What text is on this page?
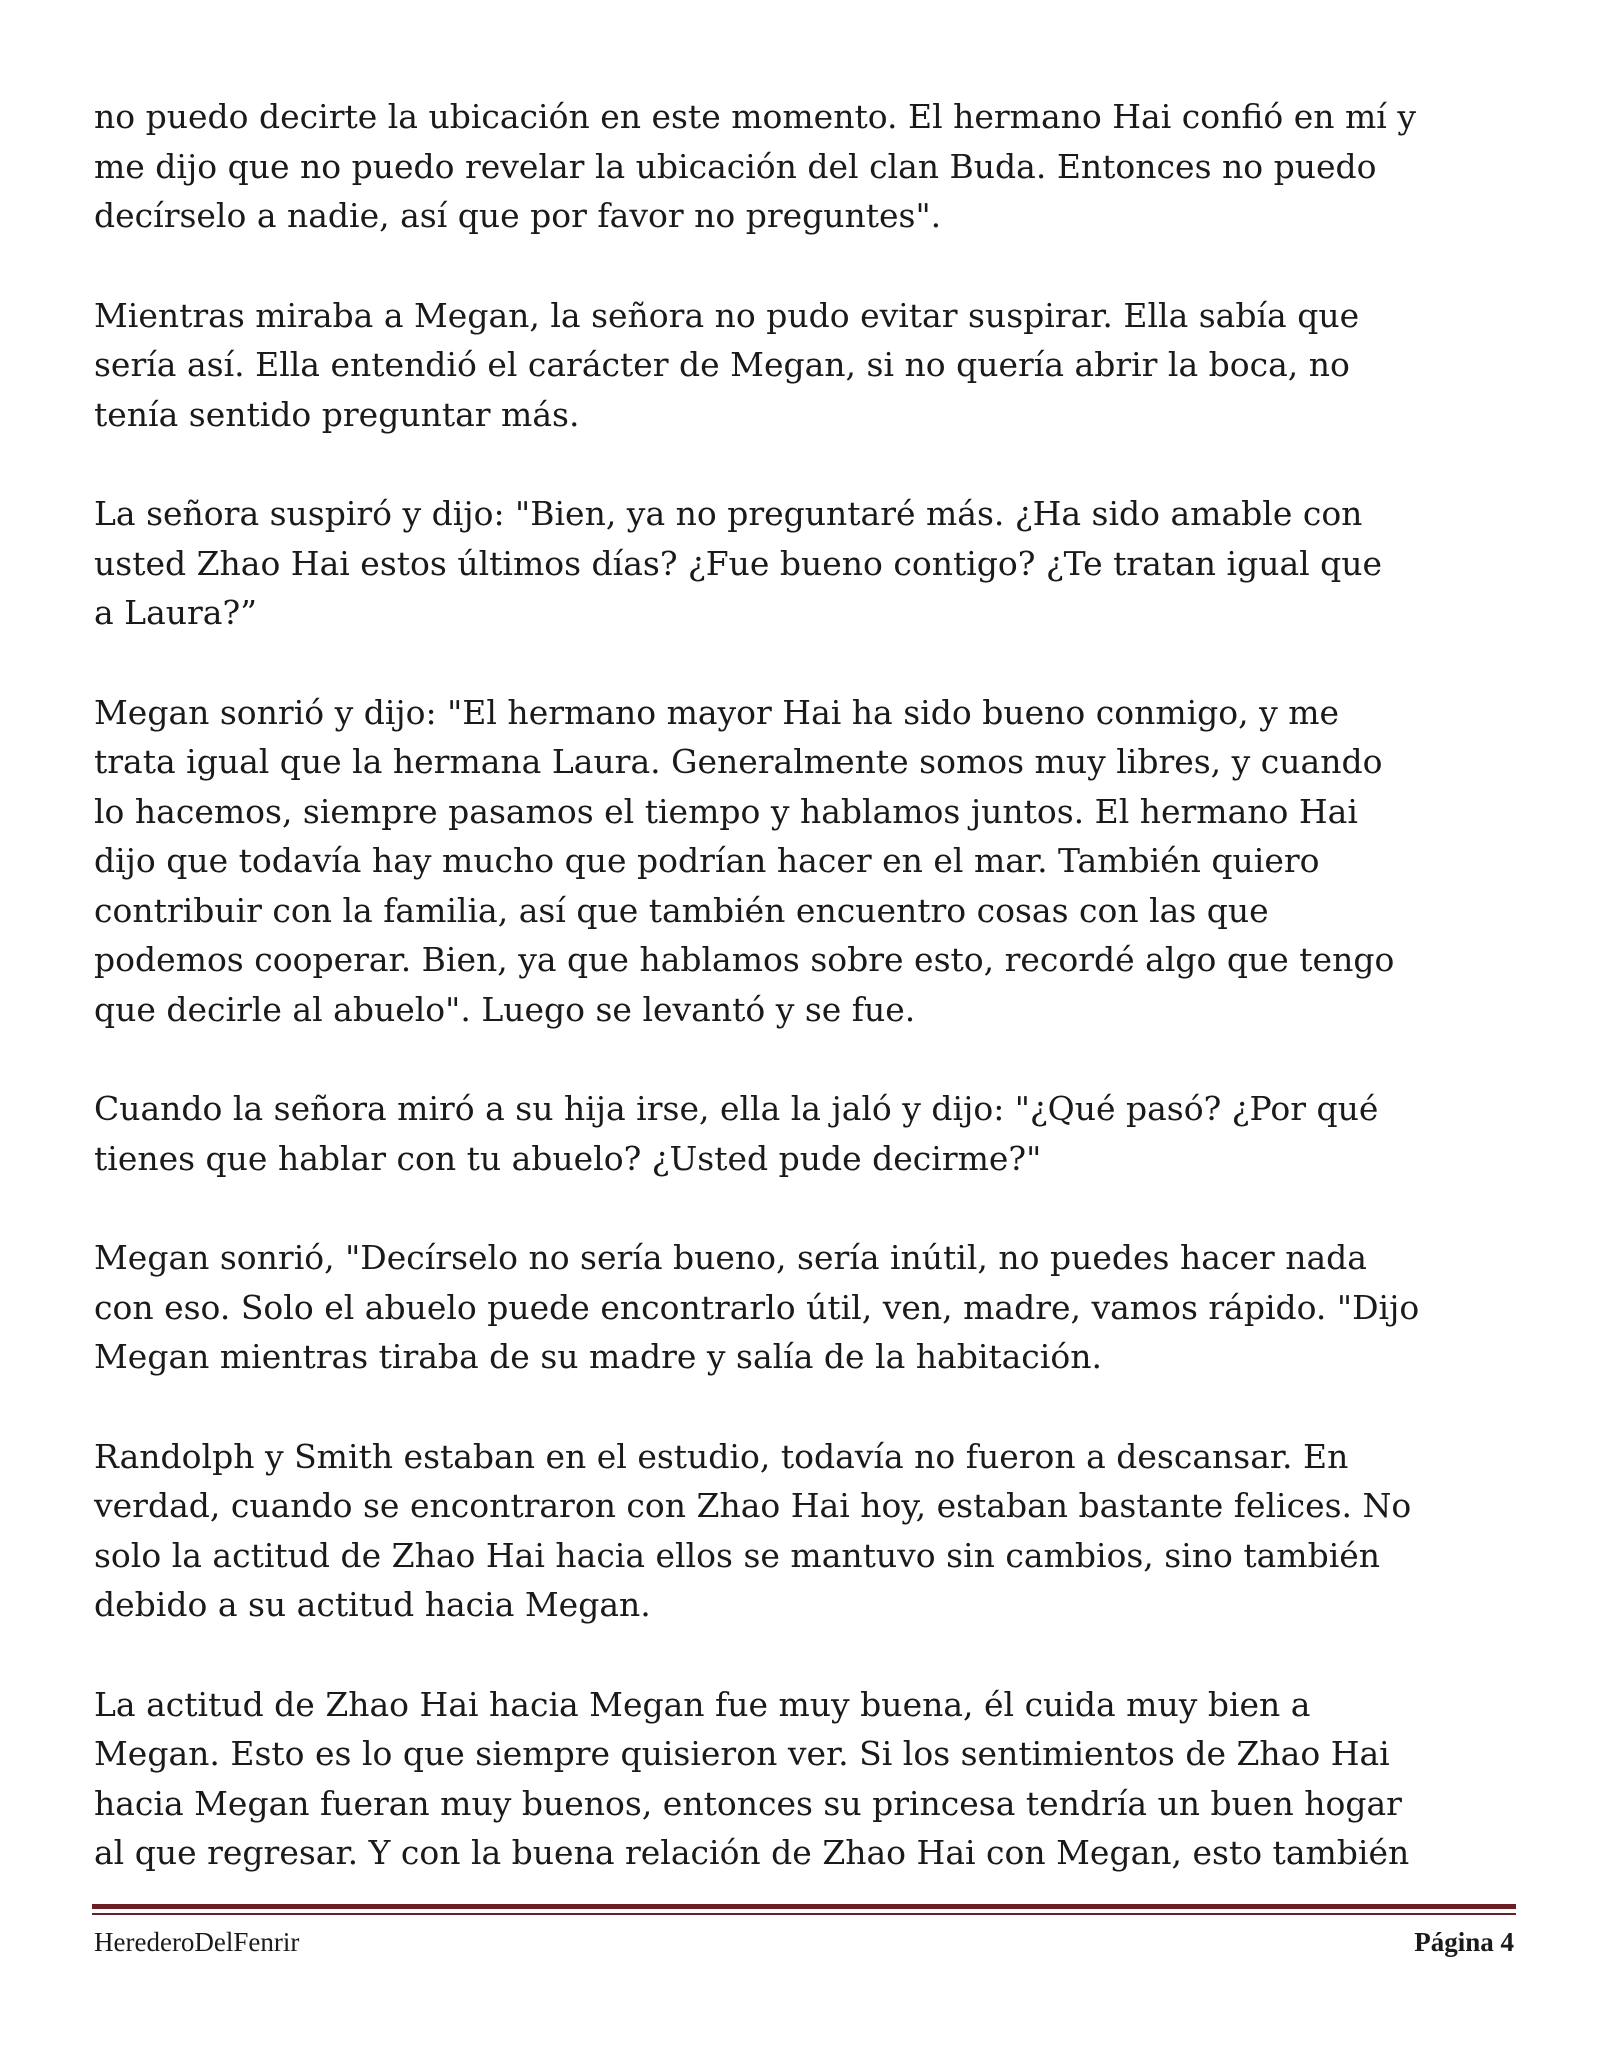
no puedo decirte la ubicación en este momento. El hermano Hai confió en mí y
me dijo que no puedo revelar la ubicación del clan Buda. Entonces no puedo
decírselo a nadie, así que por favor no preguntes".

Mientras miraba a Megan, la señora no pudo evitar suspirar. Ella sabía que
sería así. Ella entendió el carácter de Megan, si no quería abrir la boca, no
tenía sentido preguntar más.

La señora suspiró y dijo: "Bien, ya no preguntaré más. ¿Ha sido amable con
usted Zhao Hai estos últimos días? ¿Fue bueno contigo? ¿Te tratan igual que
a Laura?”

Megan sonrió y dijo: "El hermano mayor Hai ha sido bueno conmigo, y me
trata igual que la hermana Laura. Generalmente somos muy libres, y cuando
lo hacemos, siempre pasamos el tiempo y hablamos juntos. El hermano Hai
dijo que todavía hay mucho que podrían hacer en el mar. También quiero
contribuir con la familia, así que también encuentro cosas con las que
podemos cooperar. Bien, ya que hablamos sobre esto, recordé algo que tengo
que decirle al abuelo". Luego se levantó y se fue.

Cuando la señora miró a su hija irse, ella la jaló y dijo: "¿Qué pasó? ¿Por qué
tienes que hablar con tu abuelo? ¿Usted pude decirme?"

Megan sonrió, "Decírselo no sería bueno, sería inútil, no puedes hacer nada
con eso. Solo el abuelo puede encontrarlo útil, ven, madre, vamos rápido. "Dijo
Megan mientras tiraba de su madre y salía de la habitación.

Randolph y Smith estaban en el estudio, todavía no fueron a descansar. En
verdad, cuando se encontraron con Zhao Hai hoy, estaban bastante felices. No
solo la actitud de Zhao Hai hacia ellos se mantuvo sin cambios, sino también
debido a su actitud hacia Megan.

La actitud de Zhao Hai hacia Megan fue muy buena, él cuida muy bien a
Megan. Esto es lo que siempre quisieron ver. Si los sentimientos de Zhao Hai
hacia Megan fueran muy buenos, entonces su princesa tendría un buen hogar
al que regresar. Y con la buena relación de Zhao Hai con Megan, esto también

HerederoDelFenrir	Página 4
